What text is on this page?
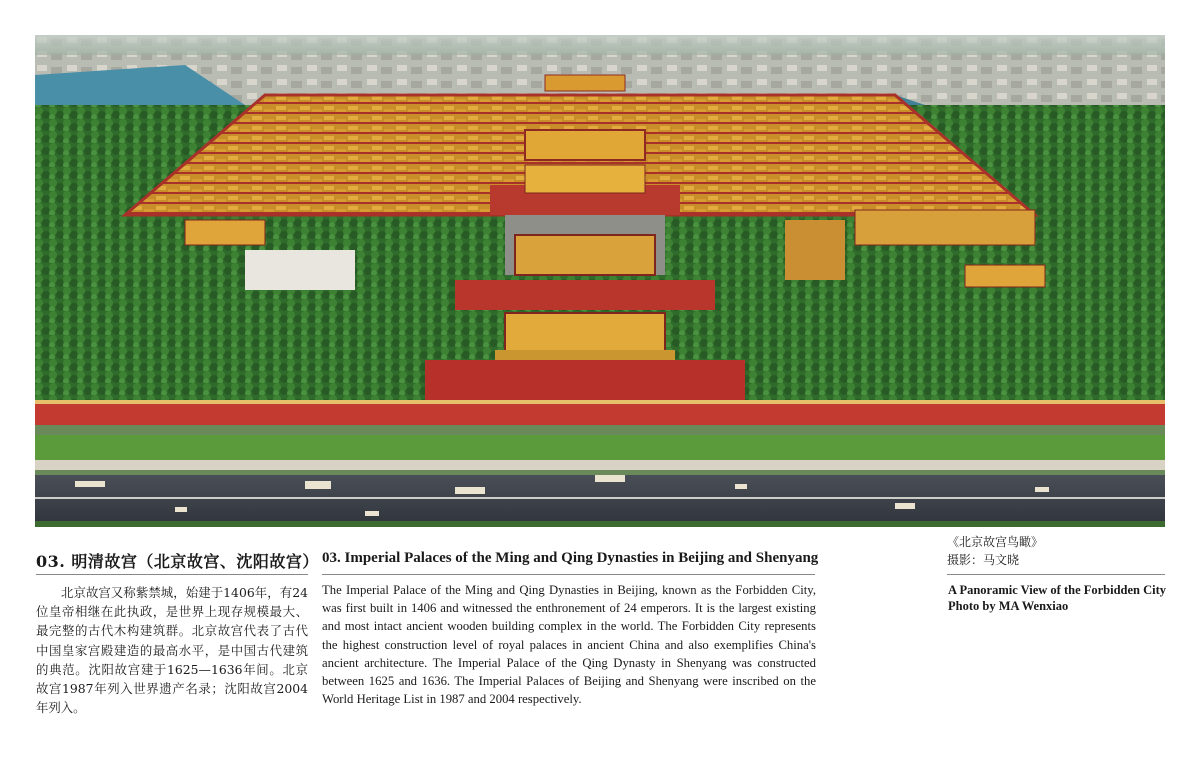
03. 明清故宫（北京故宫、沈阳故宫）
北京故宫又称紫禁城，始建于1406年，有24位皇帝相继在此执政，是世界上现存规模最大、最完整的古代木构建筑群。北京故宫代表了古代中国皇家宫殿建造的最高水平，是中国古代建筑的典范。沈阳故宫建于1625—1636年间。北京故宫1987年列入世界遗产名录；沈阳故宫2004年列入。
03. Imperial Palaces of the Ming and Qing Dynasties in Beijing and Shenyang
The Imperial Palace of the Ming and Qing Dynasties in Beijing, known as the Forbidden City, was first built in 1406 and witnessed the enthronement of 24 emperors. It is the largest existing and most intact ancient wooden building complex in the world. The Forbidden City represents the highest construction level of royal palaces in ancient China and also exemplifies China's ancient architecture. The Imperial Palace of the Qing Dynasty in Shenyang was constructed between 1625 and 1636. The Imperial Palaces of Beijing and Shenyang were inscribed on the World Heritage List in 1987 and 2004 respectively.
《北京故宫鸟瞰》
摄影：马文晓
A Panoramic View of the Forbidden City
Photo by MA Wenxiao
